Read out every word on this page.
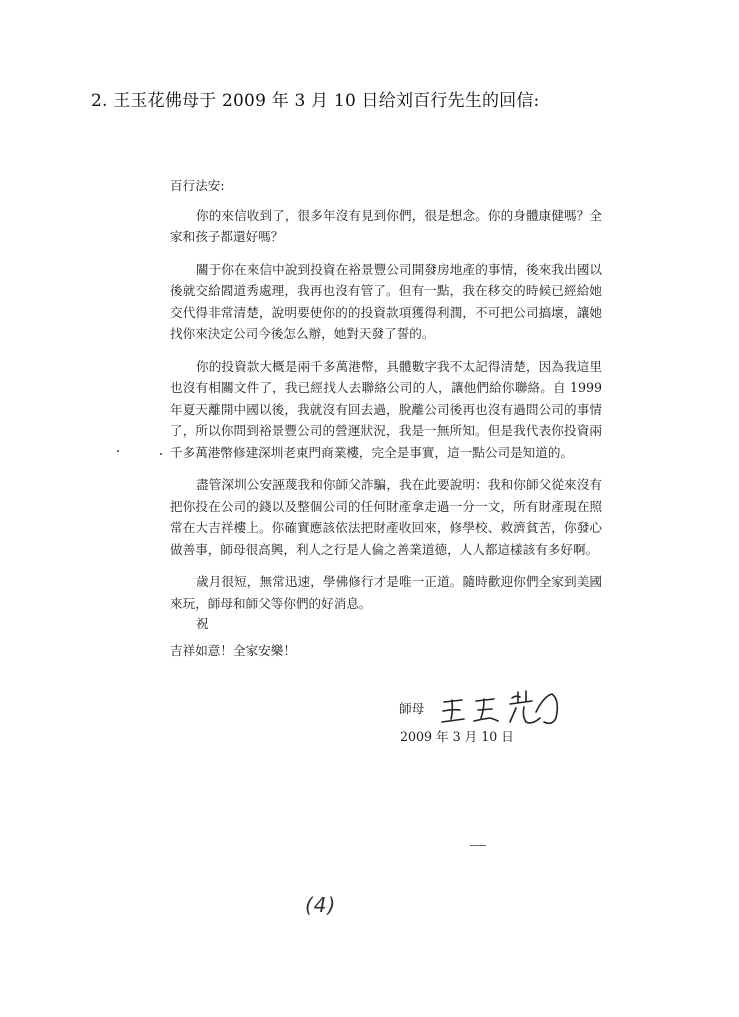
2. 王玉花佛母于 2009 年 3 月 10 日给刘百行先生的回信:
百行法安:

你的來信收到了，很多年沒有見到你們，很是想念。你的身體康健嗎？全家和孩子都還好嗎？

關于你在來信中說到投資在裕景豐公司開發房地產的事情，後來我出國以後就交給閻道秀處理，我再也沒有管了。但有一點，我在移交的時候已經給她交代得非常清楚，說明要使你的的投資款項獲得利潤，不可把公司搞壞，讓她找你來決定公司今後怎么辦，她對天發了誓的。

你的投資款大概是兩千多萬港幣，具體數字我不太記得清楚，因為我這里也沒有相關文件了，我已經找人去聯絡公司的人，讓他們給你聯絡。自 1999 年夏天離開中國以後，我就沒有回去過，脫離公司後再也沒有過問公司的事情了，所以你問到裕景豐公司的營運狀況，我是一無所知。但是我代表你投資兩千多萬港幣修建深圳老東門商業樓，完全是事實，這一點公司是知道的。

盡管深圳公安誣蔑我和你師父詐騙，我在此要說明：我和你師父從來沒有把你投在公司的錢以及整個公司的任何財產拿走過一分一文，所有財產現在照常在大吉祥樓上。你確實應該依法把財產收回來，修學校、救濟貧苦，你發心做善事，師母很高興，利人之行是人倫之善業道德，人人都這樣該有多好啊。

歲月很短，無常迅速，學佛修行才是唯一正道。隨時歡迎你們全家到美國來玩，師母和師父等你們的好消息。

祝
吉祥如意！全家安樂！
師母
2009 年 3 月 10 日
(4)
